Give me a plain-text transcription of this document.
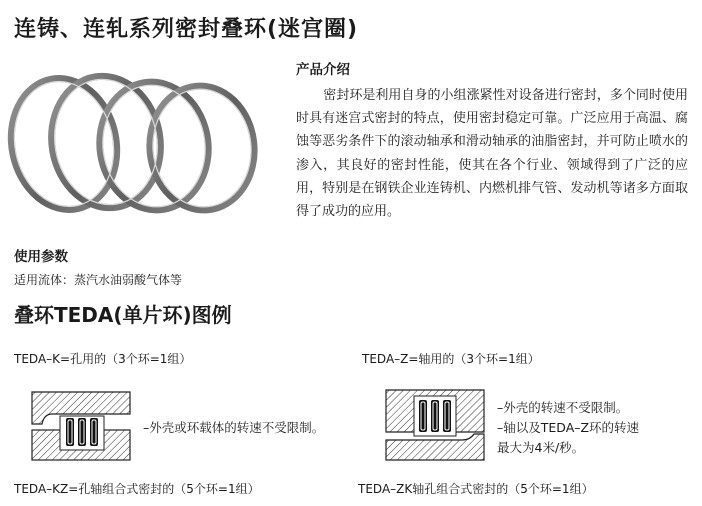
连铸、连轧系列密封叠环(迷宫圈)
产品介绍
密封环是利用自身的小组涨紧性对设备进行密封，多个同时使用时具有迷宫式密封的特点，使用密封稳定可靠。广泛应用于高温、腐蚀等恶劣条件下的滚动轴承和滑动轴承的油脂密封，并可防止喷水的渗入，其良好的密封性能，使其在各个行业、领域得到了广泛的应用，特别是在钢铁企业连铸机、内燃机排气管、发动机等诸多方面取得了成功的应用。
使用参数
适用流体：蒸汽水油弱酸气体等
叠环TEDA(单片环)图例
TEDA–K=孔用的（3个环=1组）	TEDA–Z=轴用的（3个环=1组）
–外壳或环载体的转速不受限制。
–外壳的转速不受限制。
–轴以及TEDA–Z环的转速
最大为4米/秒。
TEDA–KZ=孔轴组合式密封的（5个环=1组）	TEDA–ZK轴孔组合式密封的（5个环=1组）
